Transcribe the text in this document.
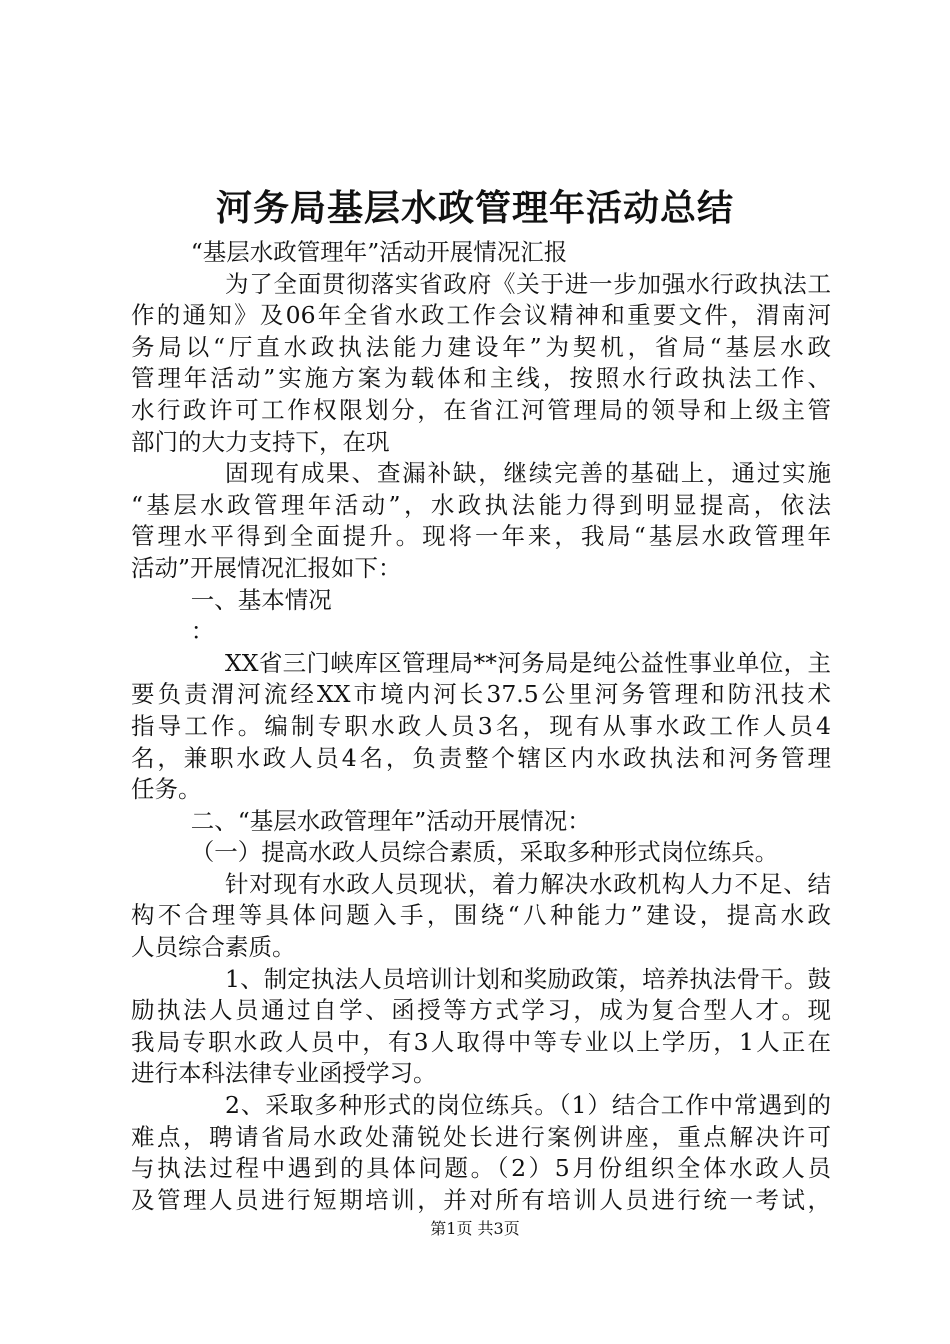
河务局基层水政管理年活动总结
“基层水政管理年”活动开展情况汇报
为了全面贯彻落实省政府《关于进一步加强水行政执法工
作的通知》及06年全省水政工作会议精神和重要文件，渭南河
务局以“厅直水政执法能力建设年”为契机，省局“基层水政
管理年活动”实施方案为载体和主线，按照水行政执法工作、
水行政许可工作权限划分，在省江河管理局的领导和上级主管
部门的大力支持下，在巩
固现有成果、查漏补缺，继续完善的基础上，通过实施
“基层水政管理年活动”，水政执法能力得到明显提高，依法
管理水平得到全面提升。现将一年来，我局“基层水政管理年
活动”开展情况汇报如下：
一、基本情况
：
XX省三门峡库区管理局**河务局是纯公益性事业单位，主
要负责渭河流经XX市境内河长37.5公里河务管理和防汛技术
指导工作。编制专职水政人员3名，现有从事水政工作人员4
名，兼职水政人员4名，负责整个辖区内水政执法和河务管理
任务。
二、“基层水政管理年”活动开展情况：
（一）提高水政人员综合素质，采取多种形式岗位练兵。
针对现有水政人员现状，着力解决水政机构人力不足、结
构不合理等具体问题入手，围绕“八种能力”建设，提高水政
人员综合素质。
1、制定执法人员培训计划和奖励政策，培养执法骨干。鼓
励执法人员通过自学、函授等方式学习，成为复合型人才。现
我局专职水政人员中，有3人取得中等专业以上学历，1人正在
进行本科法律专业函授学习。
2、采取多种形式的岗位练兵。（1）结合工作中常遇到的
难点，聘请省局水政处蒲锐处长进行案例讲座，重点解决许可
与执法过程中遇到的具体问题。（2）5月份组织全体水政人员
及管理人员进行短期培训，并对所有培训人员进行统一考试，
第1页 共3页
